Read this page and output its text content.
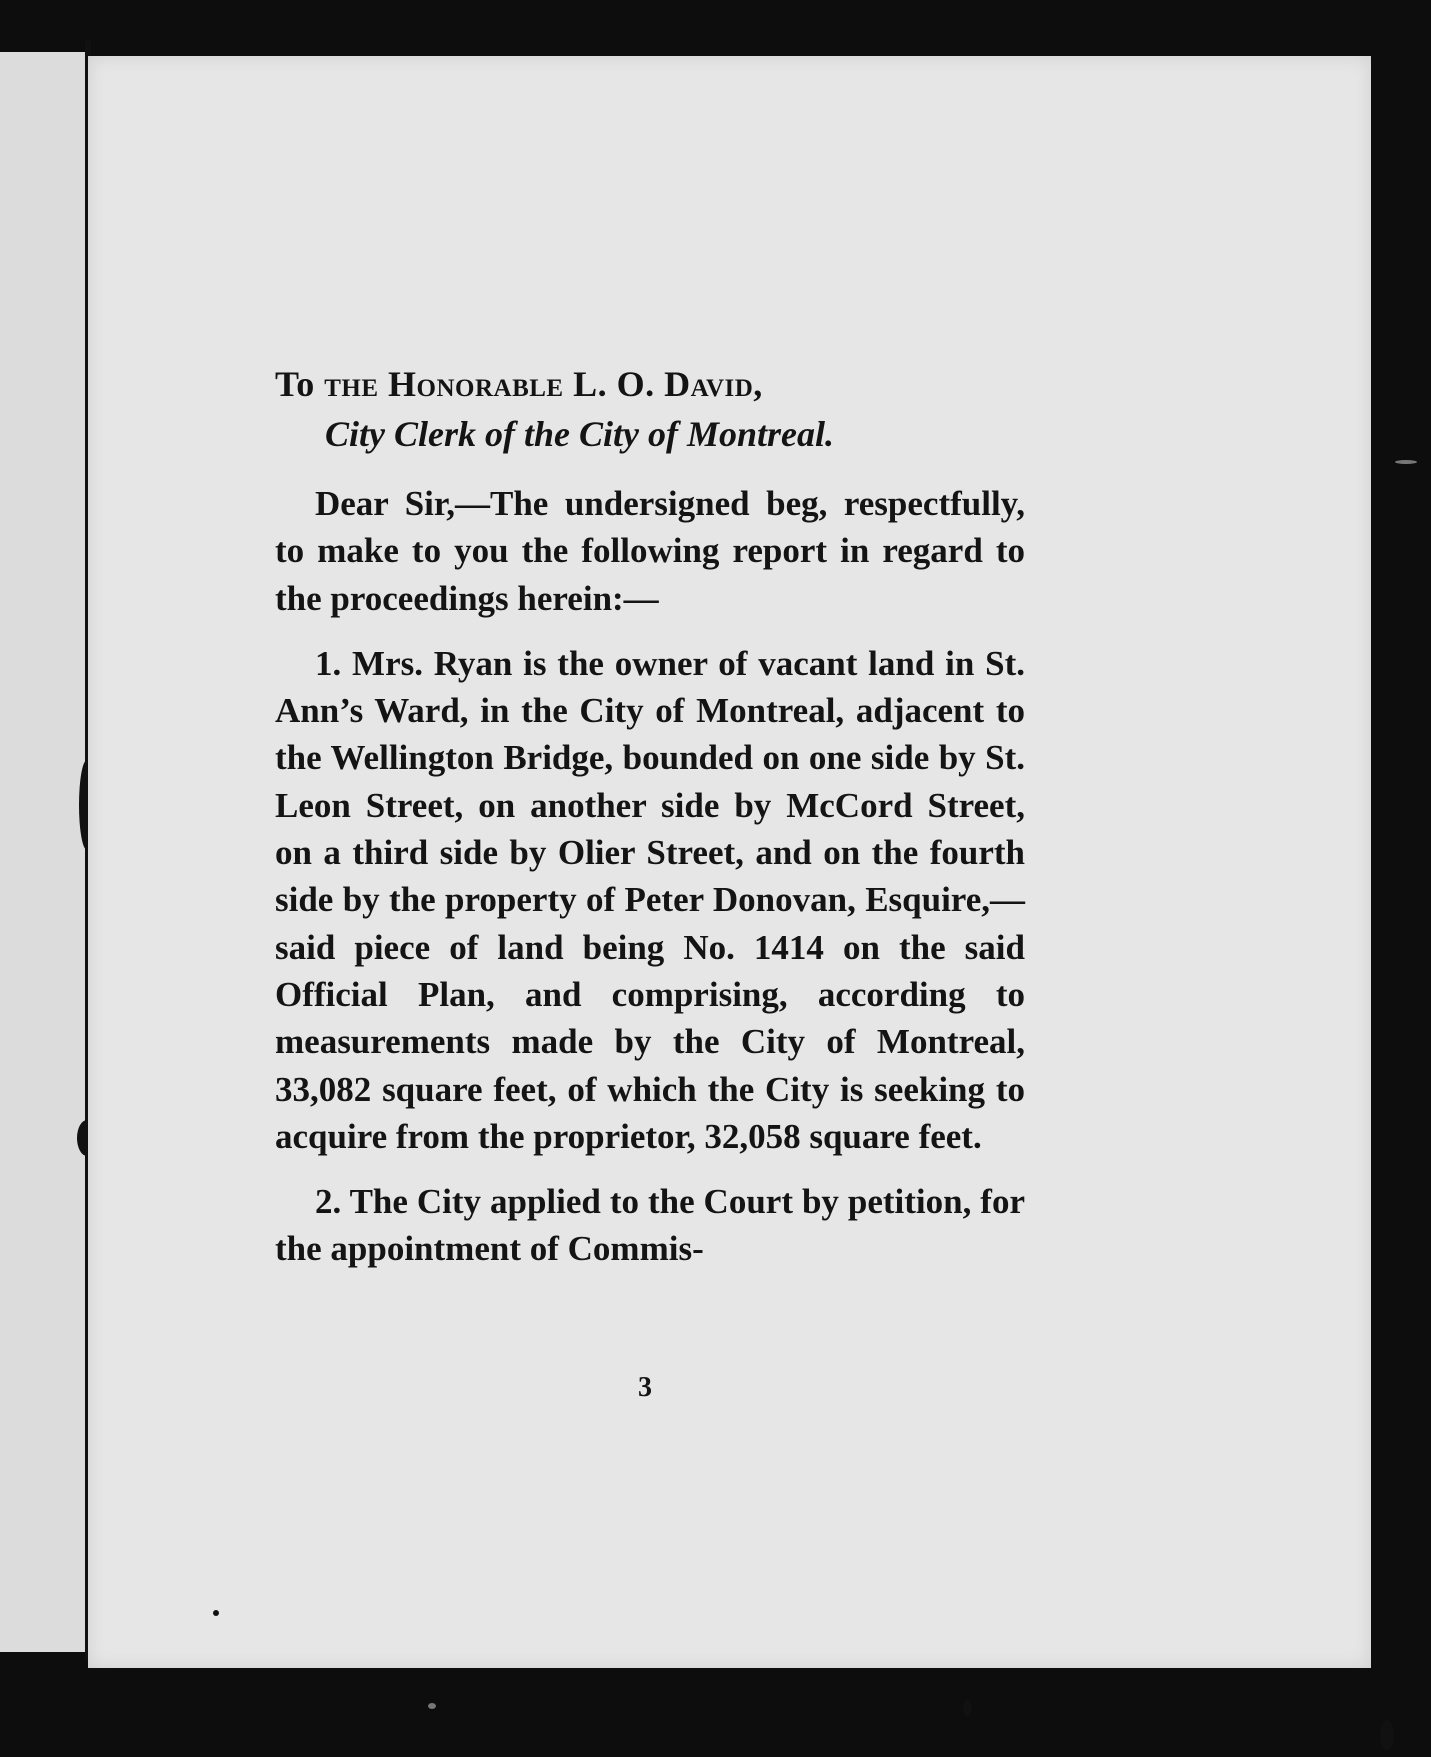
To the Honorable L. O. David,

City Clerk of the City of Montreal.

Dear Sir,—The undersigned beg, respectfully, to make to you the following report in regard to the proceedings herein:—

1. Mrs. Ryan is the owner of vacant land in St. Ann’s Ward, in the City of Montreal, adjacent to the Wellington Bridge, bounded on one side by St. Leon Street, on another side by McCord Street, on a third side by Olier Street, and on the fourth side by the property of Peter Donovan, Esquire,—said piece of land being No. 1414 on the said Official Plan, and comprising, according to measurements made by the City of Montreal, 33,082 square feet, of which the City is seeking to acquire from the proprietor, 32,058 square feet.

2. The City applied to the Court by petition, for the appointment of Commis-

3
